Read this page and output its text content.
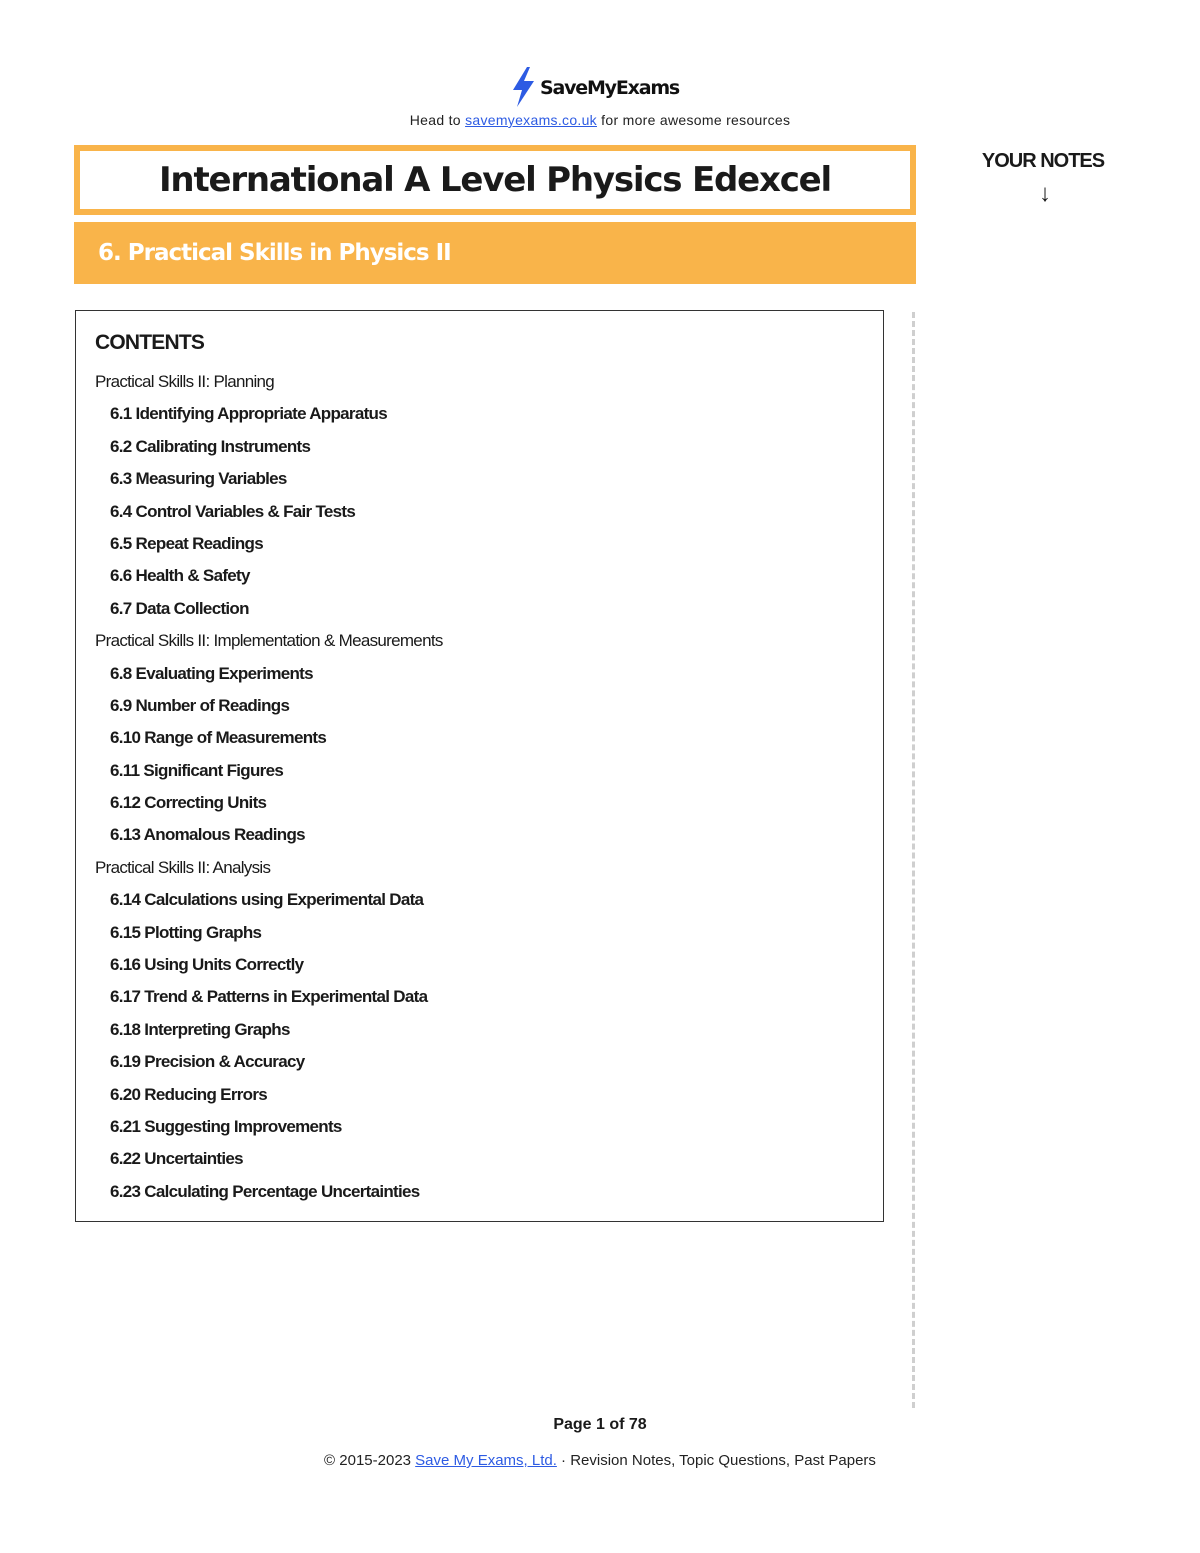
SaveMyExams
Head to savemyexams.co.uk for more awesome resources
International A Level Physics Edexcel
6. Practical Skills in Physics II
YOUR NOTES
↓
CONTENTS
Practical Skills II: Planning
6.1 Identifying Appropriate Apparatus
6.2 Calibrating Instruments
6.3 Measuring Variables
6.4 Control Variables & Fair Tests
6.5 Repeat Readings
6.6 Health & Safety
6.7 Data Collection
Practical Skills II: Implementation & Measurements
6.8 Evaluating Experiments
6.9 Number of Readings
6.10 Range of Measurements
6.11 Significant Figures
6.12 Correcting Units
6.13 Anomalous Readings
Practical Skills II: Analysis
6.14 Calculations using Experimental Data
6.15 Plotting Graphs
6.16 Using Units Correctly
6.17 Trend & Patterns in Experimental Data
6.18 Interpreting Graphs
6.19 Precision & Accuracy
6.20 Reducing Errors
6.21 Suggesting Improvements
6.22 Uncertainties
6.23 Calculating Percentage Uncertainties
Page 1 of 78
© 2015-2023 Save My Exams, Ltd. · Revision Notes, Topic Questions, Past Papers
